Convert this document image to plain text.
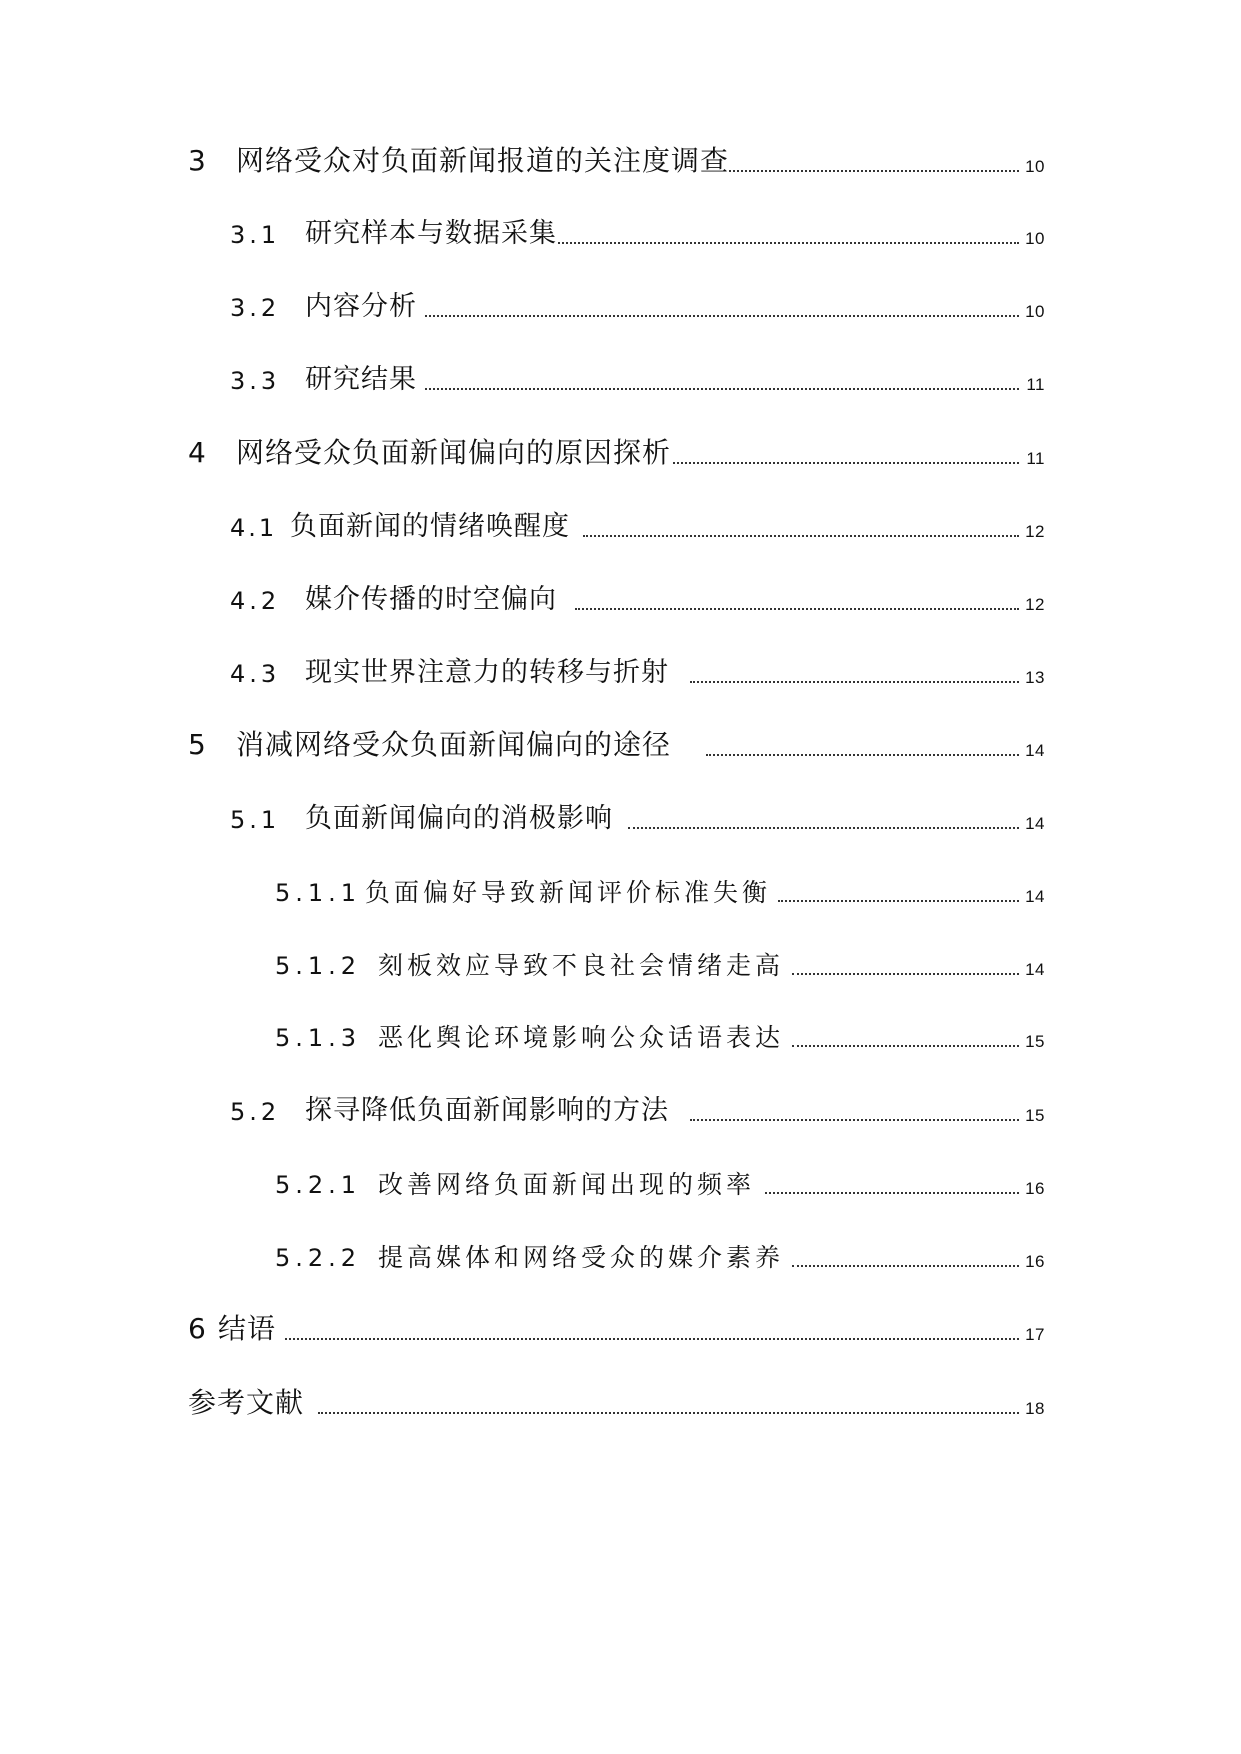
3 网络受众对负面新闻报道的关注度调查	10
3.1 研究样本与数据采集	10
3.2 内容分析	10
3.3 研究结果	11
4 网络受众负面新闻偏向的原因探析	11
4.1 负面新闻的情绪唤醒度	12
4.2 媒介传播的时空偏向	12
4.3 现实世界注意力的转移与折射	13
5 消减网络受众负面新闻偏向的途径	14
5.1 负面新闻偏向的消极影响	14
5.1.1 负面偏好导致新闻评价标准失衡	14
5.1.2 刻板效应导致不良社会情绪走高	14
5.1.3 恶化舆论环境影响公众话语表达	15
5.2 探寻降低负面新闻影响的方法	15
5.2.1 改善网络负面新闻出现的频率	16
5.2.2 提高媒体和网络受众的媒介素养	16
6 结语	17
参考文献	18
